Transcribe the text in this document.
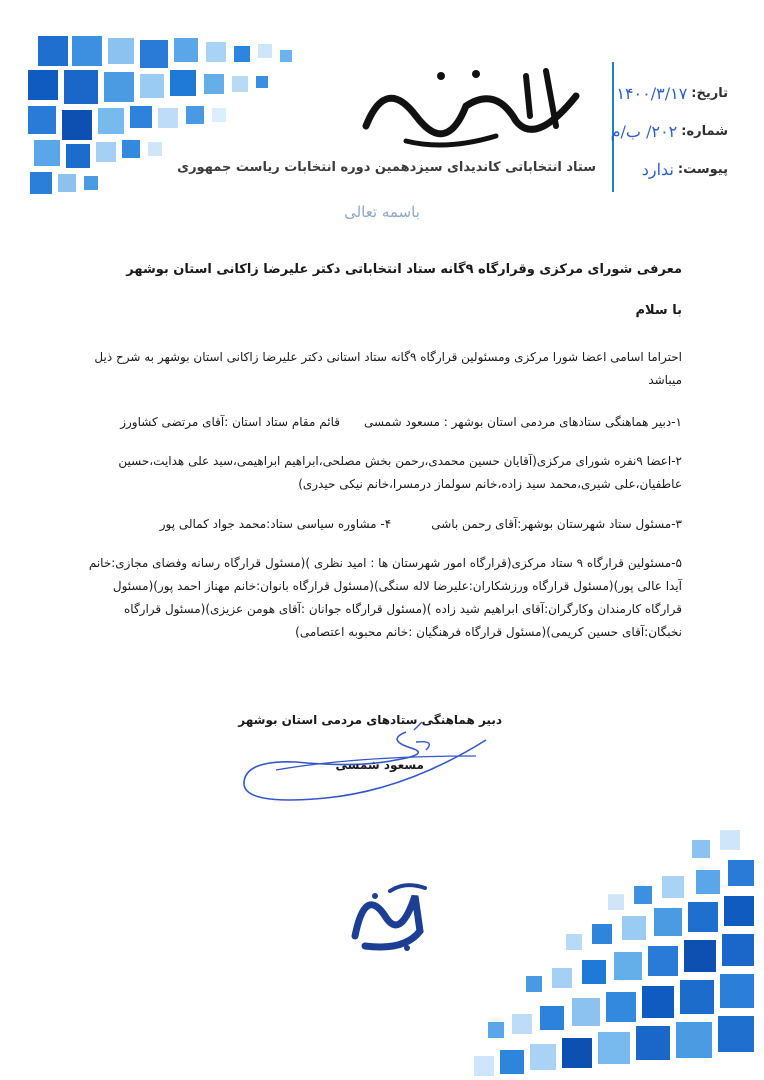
دکتر علیرضا زاکانی
ستاد انتخاباتی کاندیدای سیزدهمین دوره انتخابات ریاست جمهوری
تاریخ:
۱۴۰۰/۳/۱۷
شماره:
۲۰۲/ ب/م
پیوست:
ندارد
باسمه تعالی
معرفی شورای مرکزی وقرارگاه ۹گانه ستاد انتخاباتی دکتر علیرضا زاکانی استان بوشهر
با سلام
احتراما اسامی اعضا شورا مرکزی ومسئولین قرارگاه ۹گانه ستاد استانی دکتر علیرضا زاکانی استان بوشهر به شرح ذیل میباشد
۱-دبیر هماهنگی ستادهای مردمی استان بوشهر : مسعود شمسیقائم مقام ستاد استان :آقای مرتضی کشاورز
۲-اعضا ۹نفره شورای مرکزی(آقایان حسین محمدی،رحمن بخش مصلحی،ابراهیم ابراهیمی،سید علی هدایت،حسین عاطفیان،علی شیری،محمد سید زاده،خانم سولماز درمسرا،خانم نیکی حیدری)
۳-مسئول ستاد شهرستان بوشهر:آقای رحمن باشی۴- مشاوره سیاسی ستاد:محمد جواد کمالی پور
۵-مسئولین قرارگاه ۹ ستاد مرکزی(قرارگاه امور شهرستان ها : امید نظری )(مسئول قرارگاه رسانه وفضای مجازی:خانم آیدا عالی پور)(مسئول قرارگاه ورزشکاران:علیرضا لاله سنگی)(مسئول قرارگاه بانوان:خانم مهناز احمد پور)(مسئول قرارگاه کارمندان وکارگران:آقای ابراهیم شید زاده )(مسئول قرارگاه جوانان :آقای هومن عزیزی)(مسئول قرارگاه نخبگان:آقای حسین کریمی)(مسئول قرارگاه فرهنگیان :خانم محبوبه اعتصامی)
دبیر هماهنگی ستادهای مردمی استان بوشهر
مسعود شمسی
